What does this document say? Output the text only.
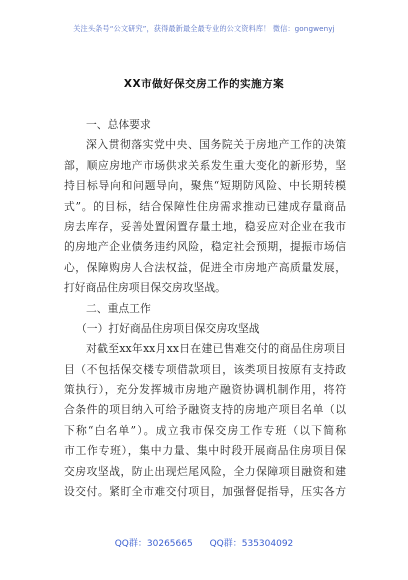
关注头条号“公文研究”，获得最新最全最专业的公文资料库！ 微信：gongwenyj
XX市做好保交房工作的实施方案
一、总体要求
深入贯彻落实党中央、国务院关于房地产工作的决策
部，顺应房地产市场供求关系发生重大变化的新形势，坚
持目标导向和问题导向，聚焦“短期防风险、中长期转模
式”。的目标，结合保障性住房需求推动已建成存量商品
房去库存，妥善处置闲置存量土地，稳妥应对企业在我市
的房地产企业债务违约风险，稳定社会预期，提振市场信
心，保障购房人合法权益，促进全市房地产高质量发展，
打好商品住房项目保交房攻坚战。
二、重点工作
（一）打好商品住房项目保交房攻坚战
对截至xx年xx月xx日在建已售难交付的商品住房项目
目（不包括保交楼专项借款项目，该类项目按原有支持政
策执行），充分发挥城市房地产融资协调机制作用，将符
合条件的项目纳入可给予融资支持的房地产项目名单（以
下称“白名单”）。成立我市保交房工作专班（以下简称
市工作专班），集中力量、集中时段开展商品住房项目保
交房攻坚战，防止出现烂尾风险，全力保障项目融资和建
设交付。紧盯全市难交付项目，加强督促指导，压实各方
QQ群：30265665 QQ群：535304092
